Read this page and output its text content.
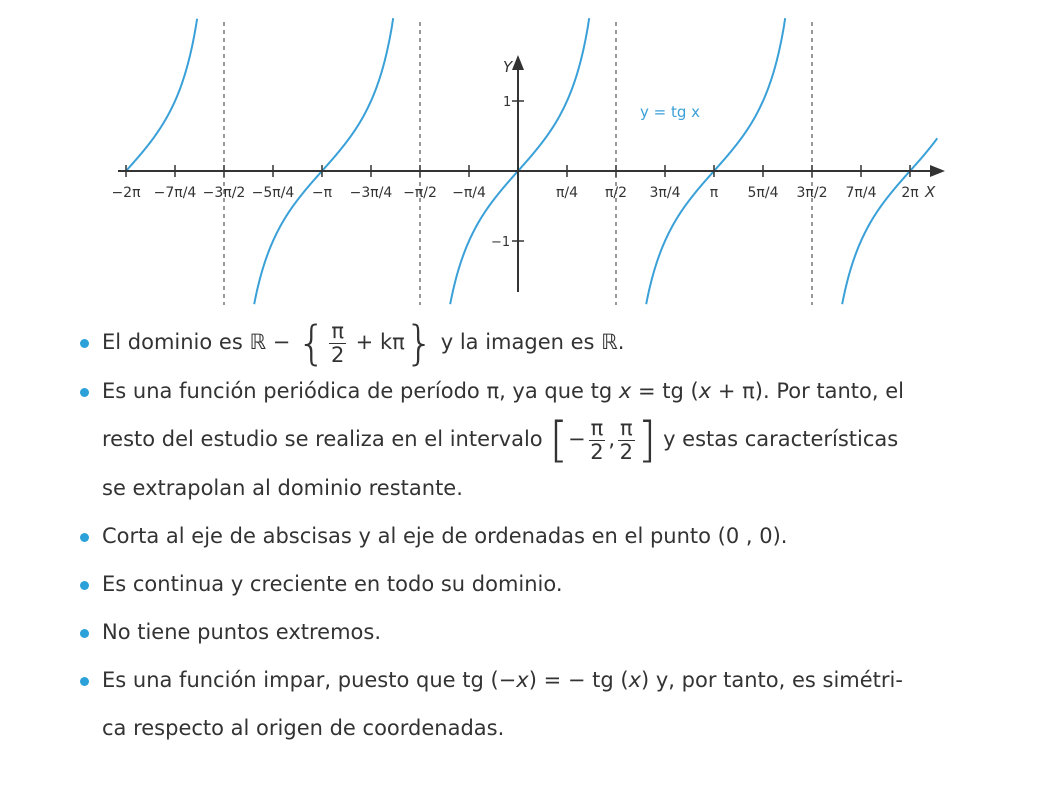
−2π −7π/4 −3π/2 −5π/4 −π −3π/4 −π/2 −π/4	π/4 π/2 3π/4 π 5π/4 3π/2 7π/4 2π
1
−1
Y
X
y = tg x
El dominio es ℝ − { $\frac{\pi}{2} + k\pi$} y la imagen es ℝ.
Es una función periódica de período π, ya que tg x = tg (x + π). Por tanto, el
resto del estudio se realiza en el intervalo [− $\frac{\pi}{2}$ , $\frac{\pi}{2}$ ] y estas características
se extrapolan al dominio restante.
Corta al eje de abscisas y al eje de ordenadas en el punto (0 , 0).
Es continua y creciente en todo su dominio.
No tiene puntos extremos.
Es una función impar, puesto que tg (−x) = − tg (x) y, por tanto, es simétri-
ca respecto al origen de coordenadas.
